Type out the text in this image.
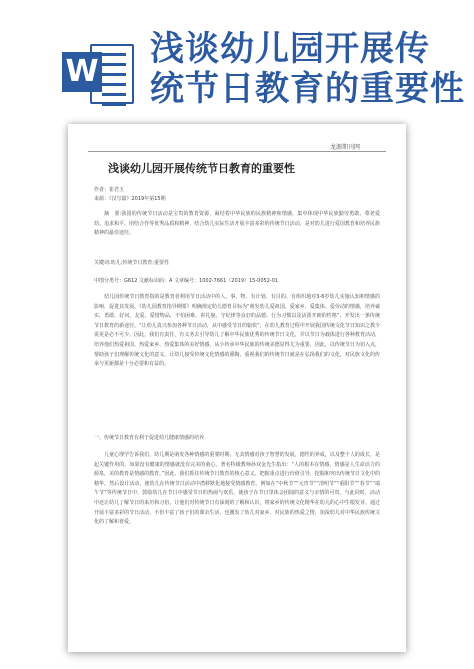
W
浅谈幼儿园开展传
统节日教育的重要性
龙源期刊网
浅谈幼儿园开展传统节日教育的重要性
作者：崔君玉
来源：《汉写篇》2019年第15期
摘　要:我国的传统节日活动是宝贵的教育资源，凝结着中华民族的民族精神和情感，集中体现中华民族勤劳勇敢、尊老爱幼、追求和平、团结合作等优秀品质和精神，结合幼儿实际生活开展丰富多彩的传统节日活动，是对幼儿进行爱国教育和培养民族精神的最佳途径。
关键词:幼儿;传统节日教育;重要性
中图分类号：G612 文献标识码：A 文章编号：1002-7661（2019）15-0052-01
幼儿园传统节日教育指的是教育者利用节日活动中的人、事、物、有计划、有目的、有组织地对3-6岁幼儿实施认知和情感的影响、促进其发展。《幼儿园教育指导纲要》明确规定幼儿德育目标为“萌发幼儿爱祖国、爱家乡、爱集体、爱劳动的情感，培养诚实、勇敢、好问、友爱、爱惜物品、不怕困难、讲礼貌、守纪律等良好的品德、行为习惯以及活泼开朗的性格”，开发出一条传统节日教育的新途径。“让幼儿真兴参加各种节日活动，从中感受节日的愉快”，在幼儿教育过程中开展我国传统文化节日知识之教少说更是必不可少。因此，我们有责任，有义务去引导幼儿了解中华民族优秀的传统节日文化，并以节日为载体进行各种教育活动，培养他们热爱祖国、热爱家乡、热爱集体的美好情感，从小传承中华民族的传统美德显得尤为重要，因此，以传统节日为切入点，帮助孩子们理解传统文化的意义，让幼儿接受传统文化情感的熏陶，重视我们的传统节日就是在弘扬我们的文化，对民族文化的传承与更新都是十分必要和有益的。
一、传统节日教育有利于促进幼儿健康情感的培养
儿童心理学告诉我们，幼儿期是萌发各种情感的重要时期。无其情感对孩子智慧的发展，德性的养成，以及整个人的成长，是起关键作用的。如果没有健康的情感就没有完美的童心。著名特级教师孙双金先生指出：“人的根本在情感，情感是人生命活力的源泉，美的教育是情感的教育。”因此，我们抓住传统节日教育的核心意义，把握重点进行价值引导，挖掘和突出传统节日文化中的精华，然后设计活动，使幼儿在传统节日活动中潜移默化地接受情感教育。例如在“中秋节”“元宵节”“清明节”“重阳节”“春节”“端午节”等传统节日中，鼓励幼儿在节日中感受节日的热闹与欢乐，使孩子在节日里体会团圆的意义与亲情的可贵。与此同时，活动中还让幼儿了解节日的来历和习俗，让他们对传统节日有深刻的了解和认识，将家乡的传统文化精华在幼儿的心中生根发芽。通过开展丰富多彩的节日活动，不但丰富了孩子们的课余生活，也激发了幼儿对家乡、对民族的热爱之情，加深幼儿对中华民族传统文化的了解和喜爱。
